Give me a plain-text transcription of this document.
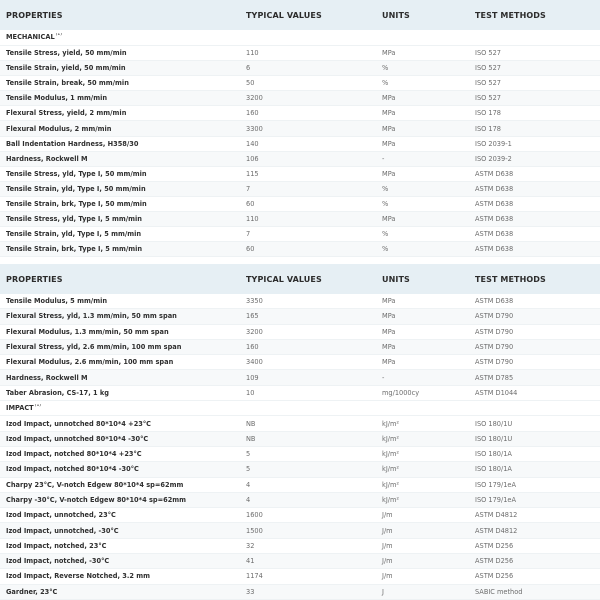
PROPERTIES	TYPICAL VALUES	UNITS	TEST METHODS
MECHANICAL$^{(1)}$
Tensile Stress, yield, 50 mm/min	110	MPa	ISO 527
Tensile Strain, yield, 50 mm/min	6	%	ISO 527
Tensile Strain, break, 50 mm/min	50	%	ISO 527
Tensile Modulus, 1 mm/min	3200	MPa	ISO 527
Flexural Stress, yield, 2 mm/min	160	MPa	ISO 178
Flexural Modulus, 2 mm/min	3300	MPa	ISO 178
Ball Indentation Hardness, H358/30	140	MPa	ISO 2039-1
Hardness, Rockwell M	106	-	ISO 2039-2
Tensile Stress, yld, Type I, 50 mm/min	115	MPa	ASTM D638
Tensile Strain, yld, Type I, 50 mm/min	7	%	ASTM D638
Tensile Strain, brk, Type I, 50 mm/min	60	%	ASTM D638
Tensile Stress, yld, Type I, 5 mm/min	110	MPa	ASTM D638
Tensile Strain, yld, Type I, 5 mm/min	7	%	ASTM D638
Tensile Strain, brk, Type I, 5 mm/min	60	%	ASTM D638
PROPERTIES	TYPICAL VALUES	UNITS	TEST METHODS
Tensile Modulus, 5 mm/min	3350	MPa	ASTM D638
Flexural Stress, yld, 1.3 mm/min, 50 mm span	165	MPa	ASTM D790
Flexural Modulus, 1.3 mm/min, 50 mm span	3200	MPa	ASTM D790
Flexural Stress, yld, 2.6 mm/min, 100 mm span	160	MPa	ASTM D790
Flexural Modulus, 2.6 mm/min, 100 mm span	3400	MPa	ASTM D790
Hardness, Rockwell M	109	-	ASTM D785
Taber Abrasion, CS-17, 1 kg	10	mg/1000cy	ASTM D1044
IMPACT$^{(1)}$
Izod Impact, unnotched 80*10*4 +23°C	NB	kJ/m²	ISO 180/1U
Izod Impact, unnotched 80*10*4 -30°C	NB	kJ/m²	ISO 180/1U
Izod Impact, notched 80*10*4 +23°C	5	kJ/m²	ISO 180/1A
Izod Impact, notched 80*10*4 -30°C	5	kJ/m²	ISO 180/1A
Charpy 23°C, V-notch Edgew 80*10*4 sp=62mm	4	kJ/m²	ISO 179/1eA
Charpy -30°C, V-notch Edgew 80*10*4 sp=62mm	4	kJ/m²	ISO 179/1eA
Izod Impact, unnotched, 23°C	1600	J/m	ASTM D4812
Izod Impact, unnotched, -30°C	1500	J/m	ASTM D4812
Izod Impact, notched, 23°C	32	J/m	ASTM D256
Izod Impact, notched, -30°C	41	J/m	ASTM D256
Izod Impact, Reverse Notched, 3.2 mm	1174	J/m	ASTM D256
Gardner, 23°C	33	J	SABIC method
